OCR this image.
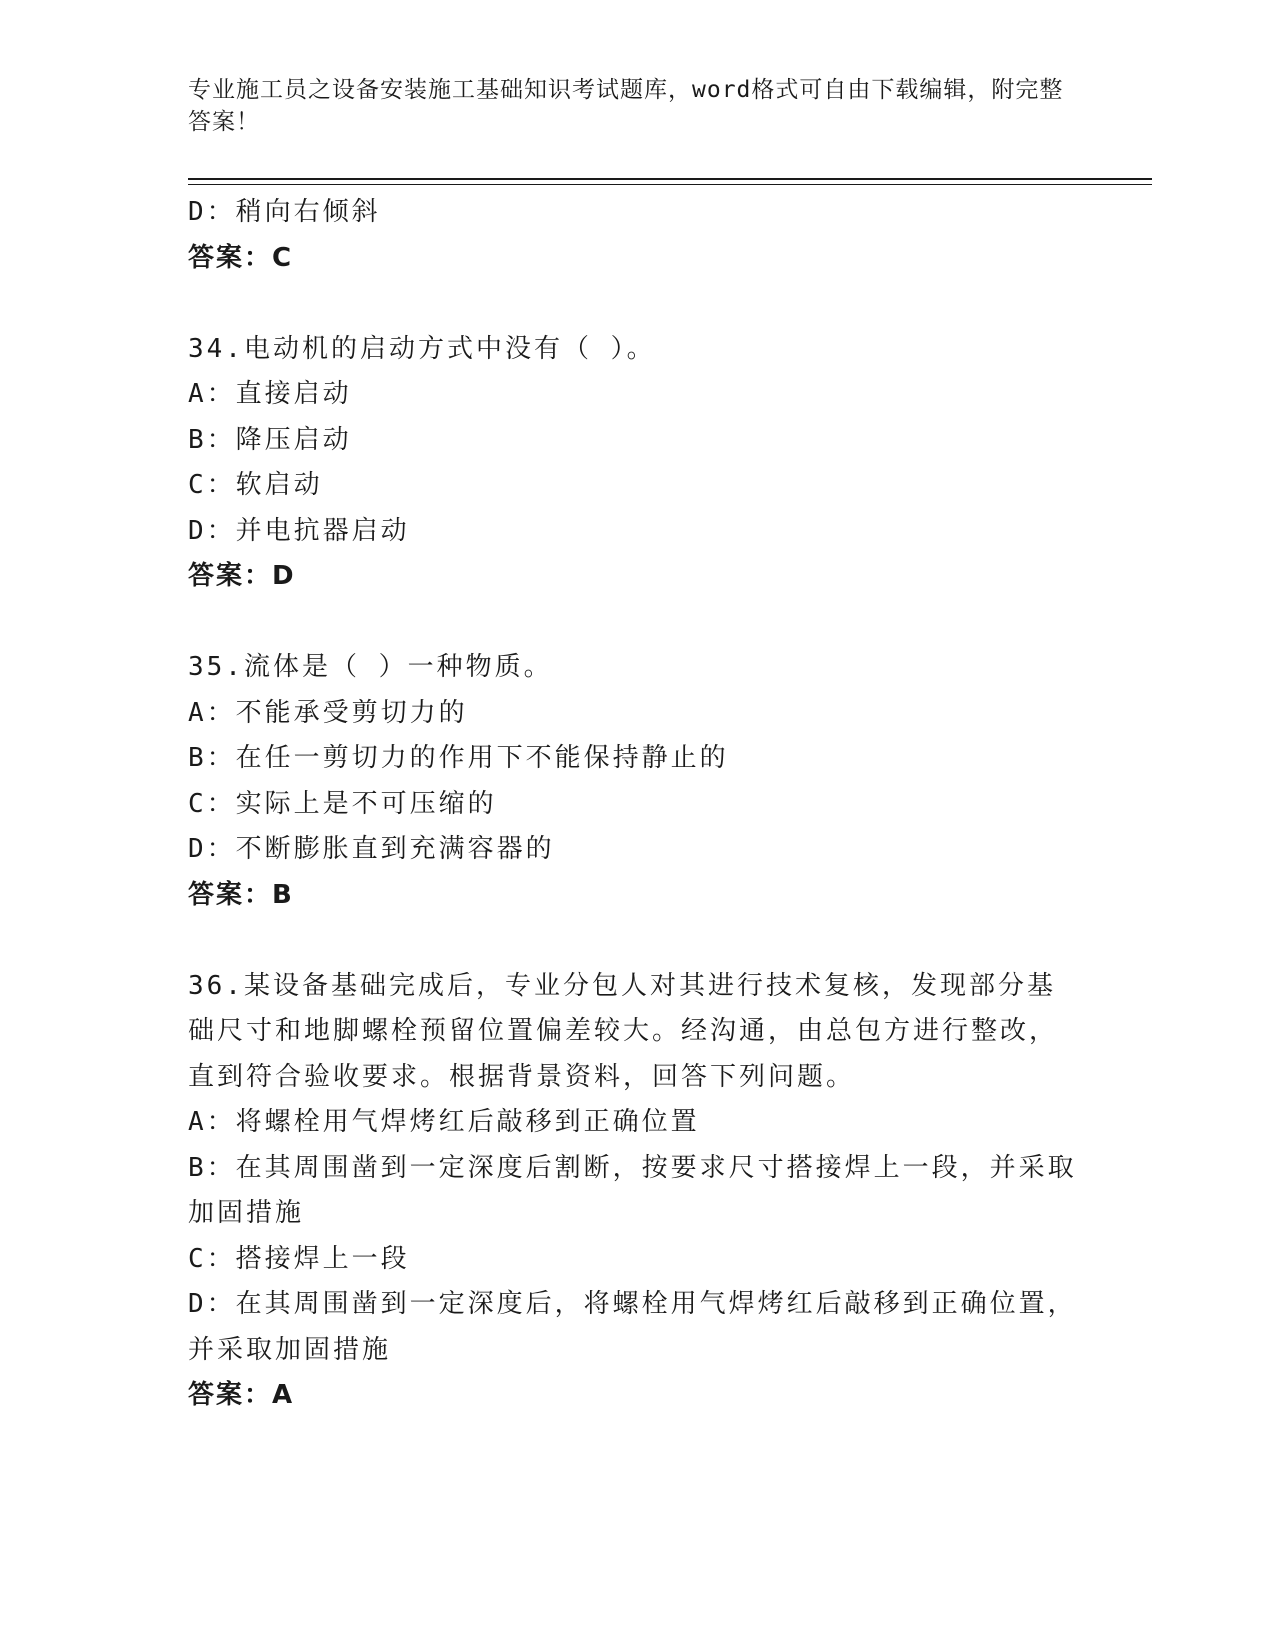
专业施工员之设备安装施工基础知识考试题库，word格式可自由下载编辑，附完整答案！
D：稍向右倾斜
答案：C
34.电动机的启动方式中没有（ ）。
A：直接启动
B：降压启动
C：软启动
D：并电抗器启动
答案：D
35.流体是（ ）一种物质。
A：不能承受剪切力的
B：在任一剪切力的作用下不能保持静止的
C：实际上是不可压缩的
D：不断膨胀直到充满容器的
答案：B
36.某设备基础完成后，专业分包人对其进行技术复核，发现部分基础尺寸和地脚螺栓预留位置偏差较大。经沟通，由总包方进行整改，直到符合验收要求。根据背景资料，回答下列问题。
A：将螺栓用气焊烤红后敲移到正确位置
B：在其周围凿到一定深度后割断，按要求尺寸搭接焊上一段，并采取加固措施
C：搭接焊上一段
D：在其周围凿到一定深度后，将螺栓用气焊烤红后敲移到正确位置，并采取加固措施
答案：A
